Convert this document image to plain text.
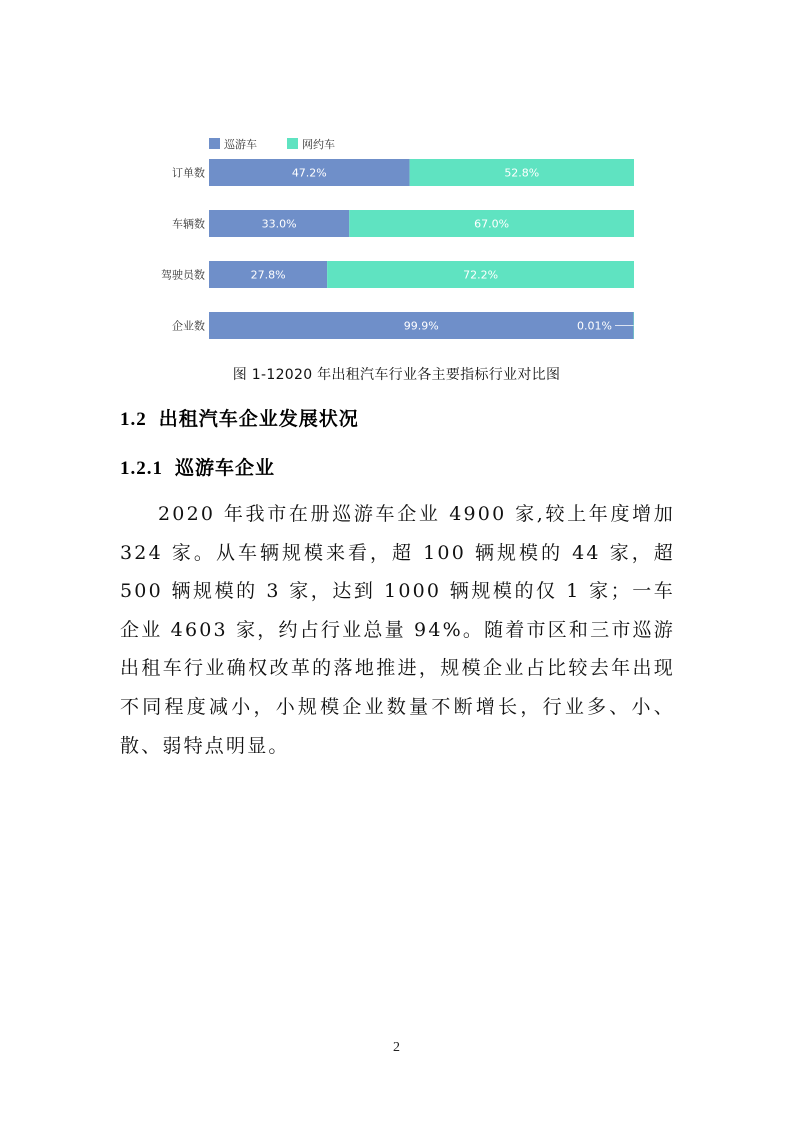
巡游车	网约车
订单数	47.2%	52.8%
车辆数	33.0%	67.0%
驾驶员数	27.8%	72.2%
企业数	99.9%	0.01%
图 1-12020 年出租汽车行业各主要指标行业对比图
1.2 出租汽车企业发展状况
1.2.1 巡游车企业

2020 年我市在册巡游车企业 4900 家,较上年度增加 324 家。从车辆规模来看，超 100 辆规模的 44 家，超 500 辆规模的 3 家，达到 1000 辆规模的仅 1 家；一车企业 4603 家，约占行业总量 94%。随着市区和三市巡游出租车行业确权改革的落地推进，规模企业占比较去年出现不同程度减小，小规模企业数量不断增长，行业多、小、散、弱特点明显。

2
